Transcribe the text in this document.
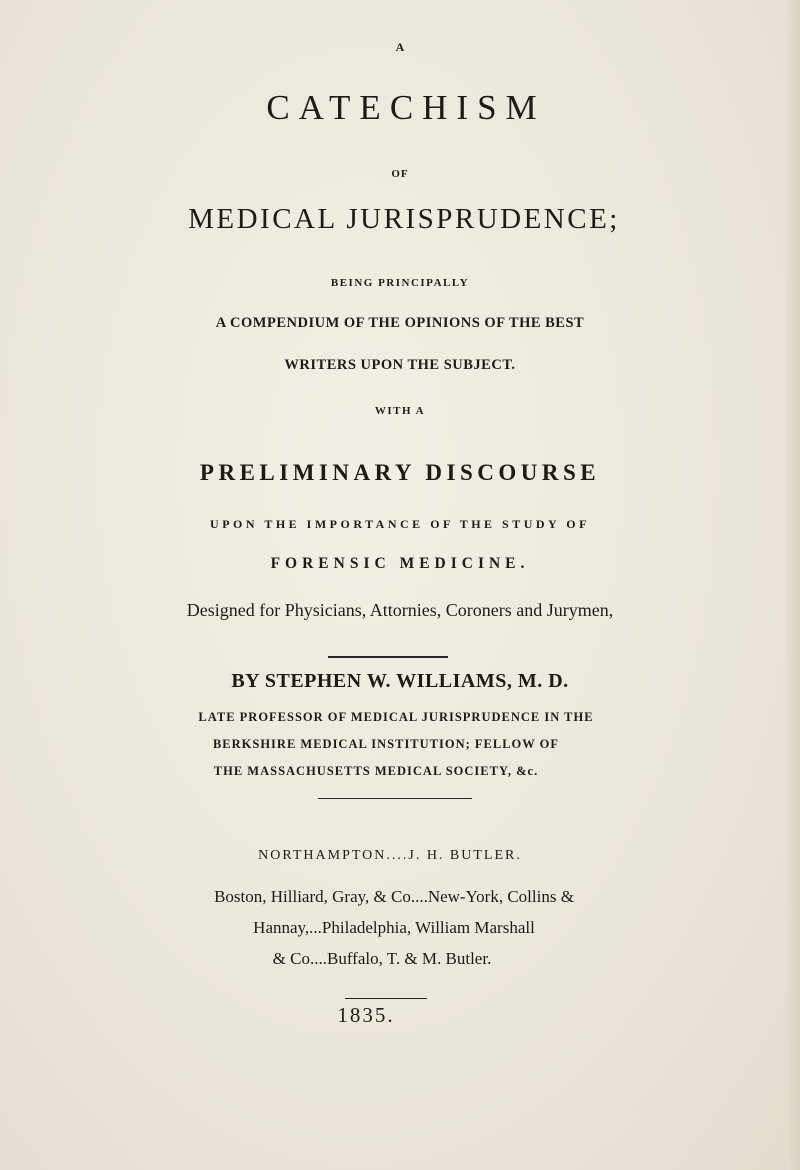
A
CATECHISM
OF
MEDICAL JURISPRUDENCE;
BEING PRINCIPALLY
A COMPENDIUM OF THE OPINIONS OF THE BEST
WRITERS UPON THE SUBJECT.
WITH A
PRELIMINARY DISCOURSE
UPON THE IMPORTANCE OF THE STUDY OF
FORENSIC MEDICINE.
Designed for Physicians, Attornies, Coroners and Jurymen,
BY STEPHEN W. WILLIAMS, M. D.
LATE PROFESSOR OF MEDICAL JURISPRUDENCE IN THE
BERKSHIRE MEDICAL INSTITUTION; FELLOW OF
THE MASSACHUSETTS MEDICAL SOCIETY, &c.
NORTHAMPTON....J. H. BUTLER.
Boston, Hilliard, Gray, & Co....New-York, Collins &
Hannay,...Philadelphia, William Marshall
& Co....Buffalo, T. & M. Butler.
1835.
